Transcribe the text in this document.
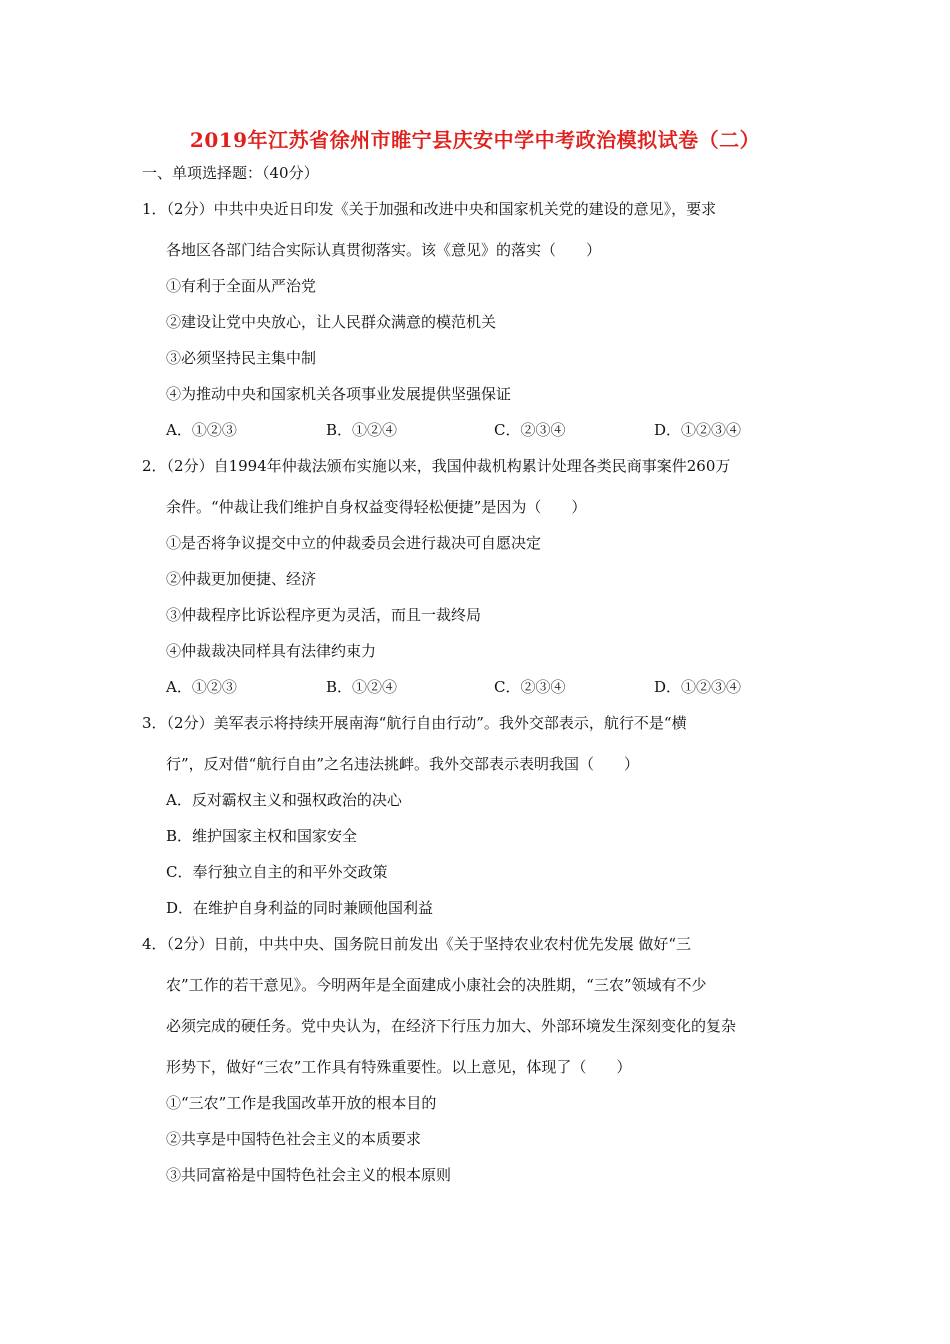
2019年江苏省徐州市睢宁县庆安中学中考政治模拟试卷（二）
一、单项选择题：（40分）
1．（2分）中共中央近日印发《关于加强和改进中央和国家机关党的建设的意见》，要求
各地区各部门结合实际认真贯彻落实。该《意见》的落实（　　）
①有利于全面从严治党
②建设让党中央放心，让人民群众满意的模范机关
③必须坚持民主集中制
④为推动中央和国家机关各项事业发展提供坚强保证
A．①②③	B．①②④	C．②③④	D．①②③④
2．（2分）自1994年仲裁法颁布实施以来，我国仲裁机构累计处理各类民商事案件260万
余件。“仲裁让我们维护自身权益变得轻松便捷”是因为（　　）
①是否将争议提交中立的仲裁委员会进行裁决可自愿决定
②仲裁更加便捷、经济
③仲裁程序比诉讼程序更为灵活，而且一裁终局
④仲裁裁决同样具有法律约束力
A．①②③	B．①②④	C．②③④	D．①②③④
3．（2分）美军表示将持续开展南海“航行自由行动”。我外交部表示，航行不是“横
行”，反对借“航行自由”之名违法挑衅。我外交部表示表明我国（　　）
A．反对霸权主义和强权政治的决心
B．维护国家主权和国家安全
C．奉行独立自主的和平外交政策
D．在维护自身利益的同时兼顾他国利益
4．（2分）日前，中共中央、国务院日前发出《关于坚持农业农村优先发展 做好“三
农”工作的若干意见》。今明两年是全面建成小康社会的决胜期，“三农”领域有不少
必须完成的硬任务。党中央认为，在经济下行压力加大、外部环境发生深刻变化的复杂
形势下，做好“三农”工作具有特殊重要性。以上意见，体现了（　　）
①“三农”工作是我国改革开放的根本目的
②共享是中国特色社会主义的本质要求
③共同富裕是中国特色社会主义的根本原则
